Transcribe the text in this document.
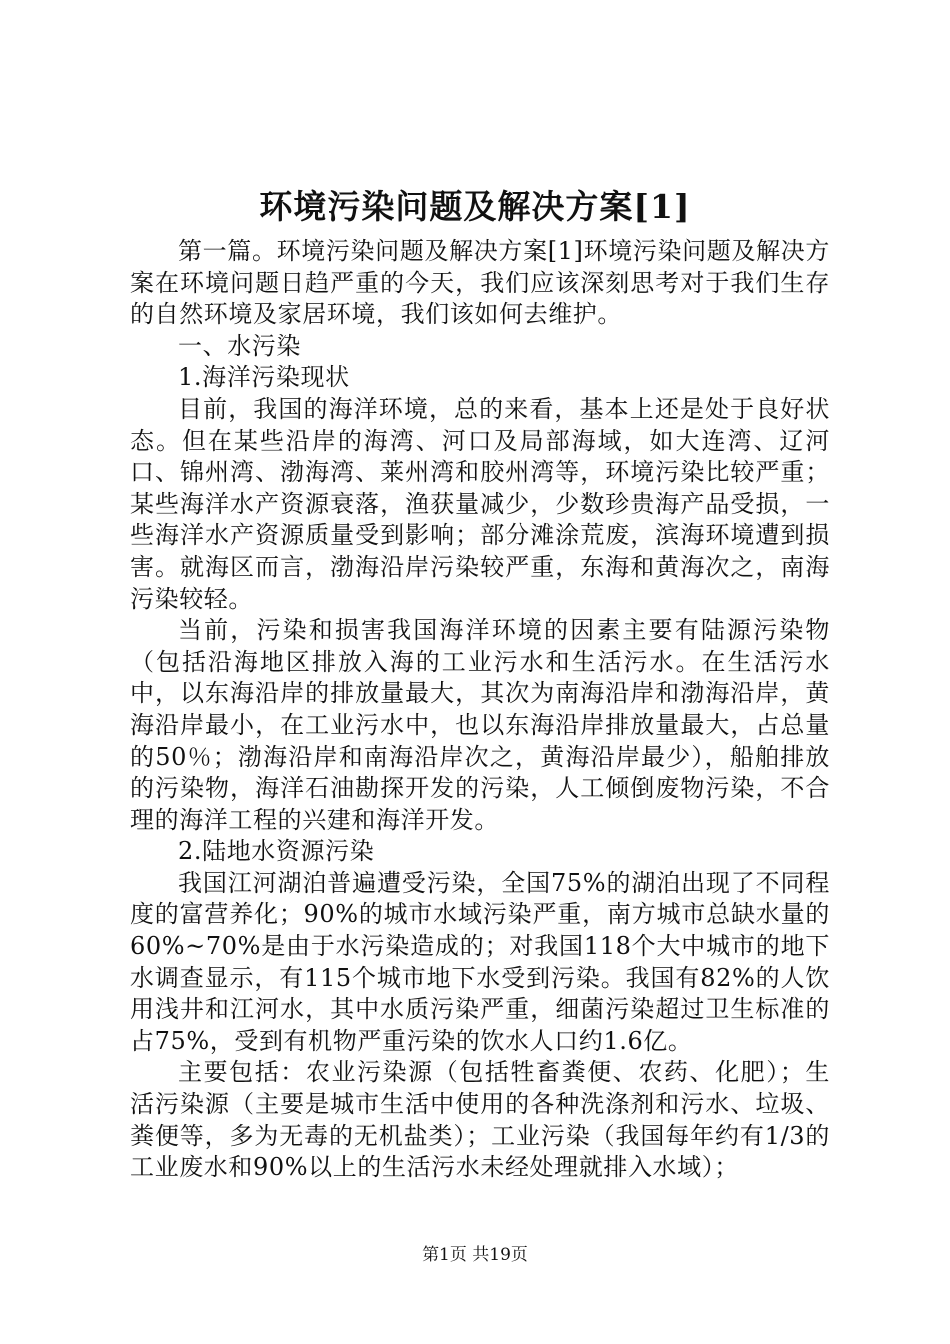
环境污染问题及解决方案[1]

第一篇。环境污染问题及解决方案[1]环境污染问题及解决方案在环境问题日趋严重的今天，我们应该深刻思考对于我们生存的自然环境及家居环境，我们该如何去维护。

一、水污染

1.海洋污染现状

目前，我国的海洋环境，总的来看，基本上还是处于良好状态。但在某些沿岸的海湾、河口及局部海域，如大连湾、辽河口、锦州湾、渤海湾、莱州湾和胶州湾等，环境污染比较严重；某些海洋水产资源衰落，渔获量减少，少数珍贵海产品受损，一些海洋水产资源质量受到影响；部分滩涂荒废，滨海环境遭到损害。就海区而言，渤海沿岸污染较严重，东海和黄海次之，南海污染较轻。

当前，污染和损害我国海洋环境的因素主要有陆源污染物（包括沿海地区排放入海的工业污水和生活污水。在生活污水中，以东海沿岸的排放量最大，其次为南海沿岸和渤海沿岸，黄海沿岸最小，在工业污水中，也以东海沿岸排放量最大，占总量的50％；渤海沿岸和南海沿岸次之，黄海沿岸最少），船舶排放的污染物，海洋石油勘探开发的污染，人工倾倒废物污染，不合理的海洋工程的兴建和海洋开发。

2.陆地水资源污染

我国江河湖泊普遍遭受污染，全国75%的湖泊出现了不同程度的富营养化；90%的城市水域污染严重，南方城市总缺水量的60%~70%是由于水污染造成的；对我国118个大中城市的地下水调查显示，有115个城市地下水受到污染。我国有82%的人饮用浅井和江河水，其中水质污染严重，细菌污染超过卫生标准的占75%，受到有机物严重污染的饮水人口约1.6亿。

主要包括：农业污染源（包括牲畜粪便、农药、化肥）；生活污染源（主要是城市生活中使用的各种洗涤剂和污水、垃圾、粪便等，多为无毒的无机盐类）；工业污染（我国每年约有1/3的工业废水和90%以上的生活污水未经处理就排入水域）；

第1页 共19页
